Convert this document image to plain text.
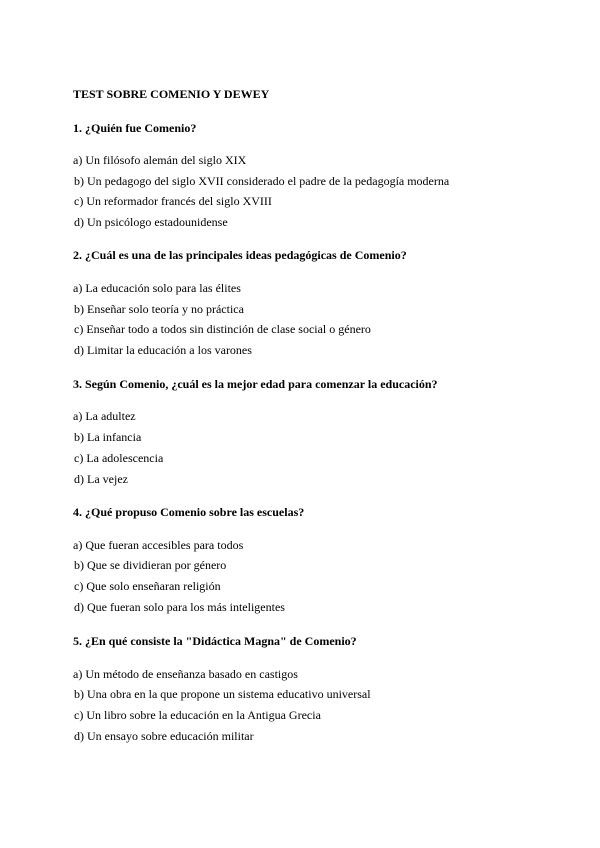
TEST SOBRE COMENIO Y DEWEY
1. ¿Quién fue Comenio?
a) Un filósofo alemán del siglo XIX
b) Un pedagogo del siglo XVII considerado el padre de la pedagogía moderna
c) Un reformador francés del siglo XVIII
d) Un psicólogo estadounidense
2. ¿Cuál es una de las principales ideas pedagógicas de Comenio?
a) La educación solo para las élites
b) Enseñar solo teoría y no práctica
c) Enseñar todo a todos sin distinción de clase social o género
d) Limitar la educación a los varones
3. Según Comenio, ¿cuál es la mejor edad para comenzar la educación?
a) La adultez
b) La infancia
c) La adolescencia
d) La vejez
4. ¿Qué propuso Comenio sobre las escuelas?
a) Que fueran accesibles para todos
b) Que se dividieran por género
c) Que solo enseñaran religión
d) Que fueran solo para los más inteligentes
5. ¿En qué consiste la "Didáctica Magna" de Comenio?
a) Un método de enseñanza basado en castigos
b) Una obra en la que propone un sistema educativo universal
c) Un libro sobre la educación en la Antigua Grecia
d) Un ensayo sobre educación militar
